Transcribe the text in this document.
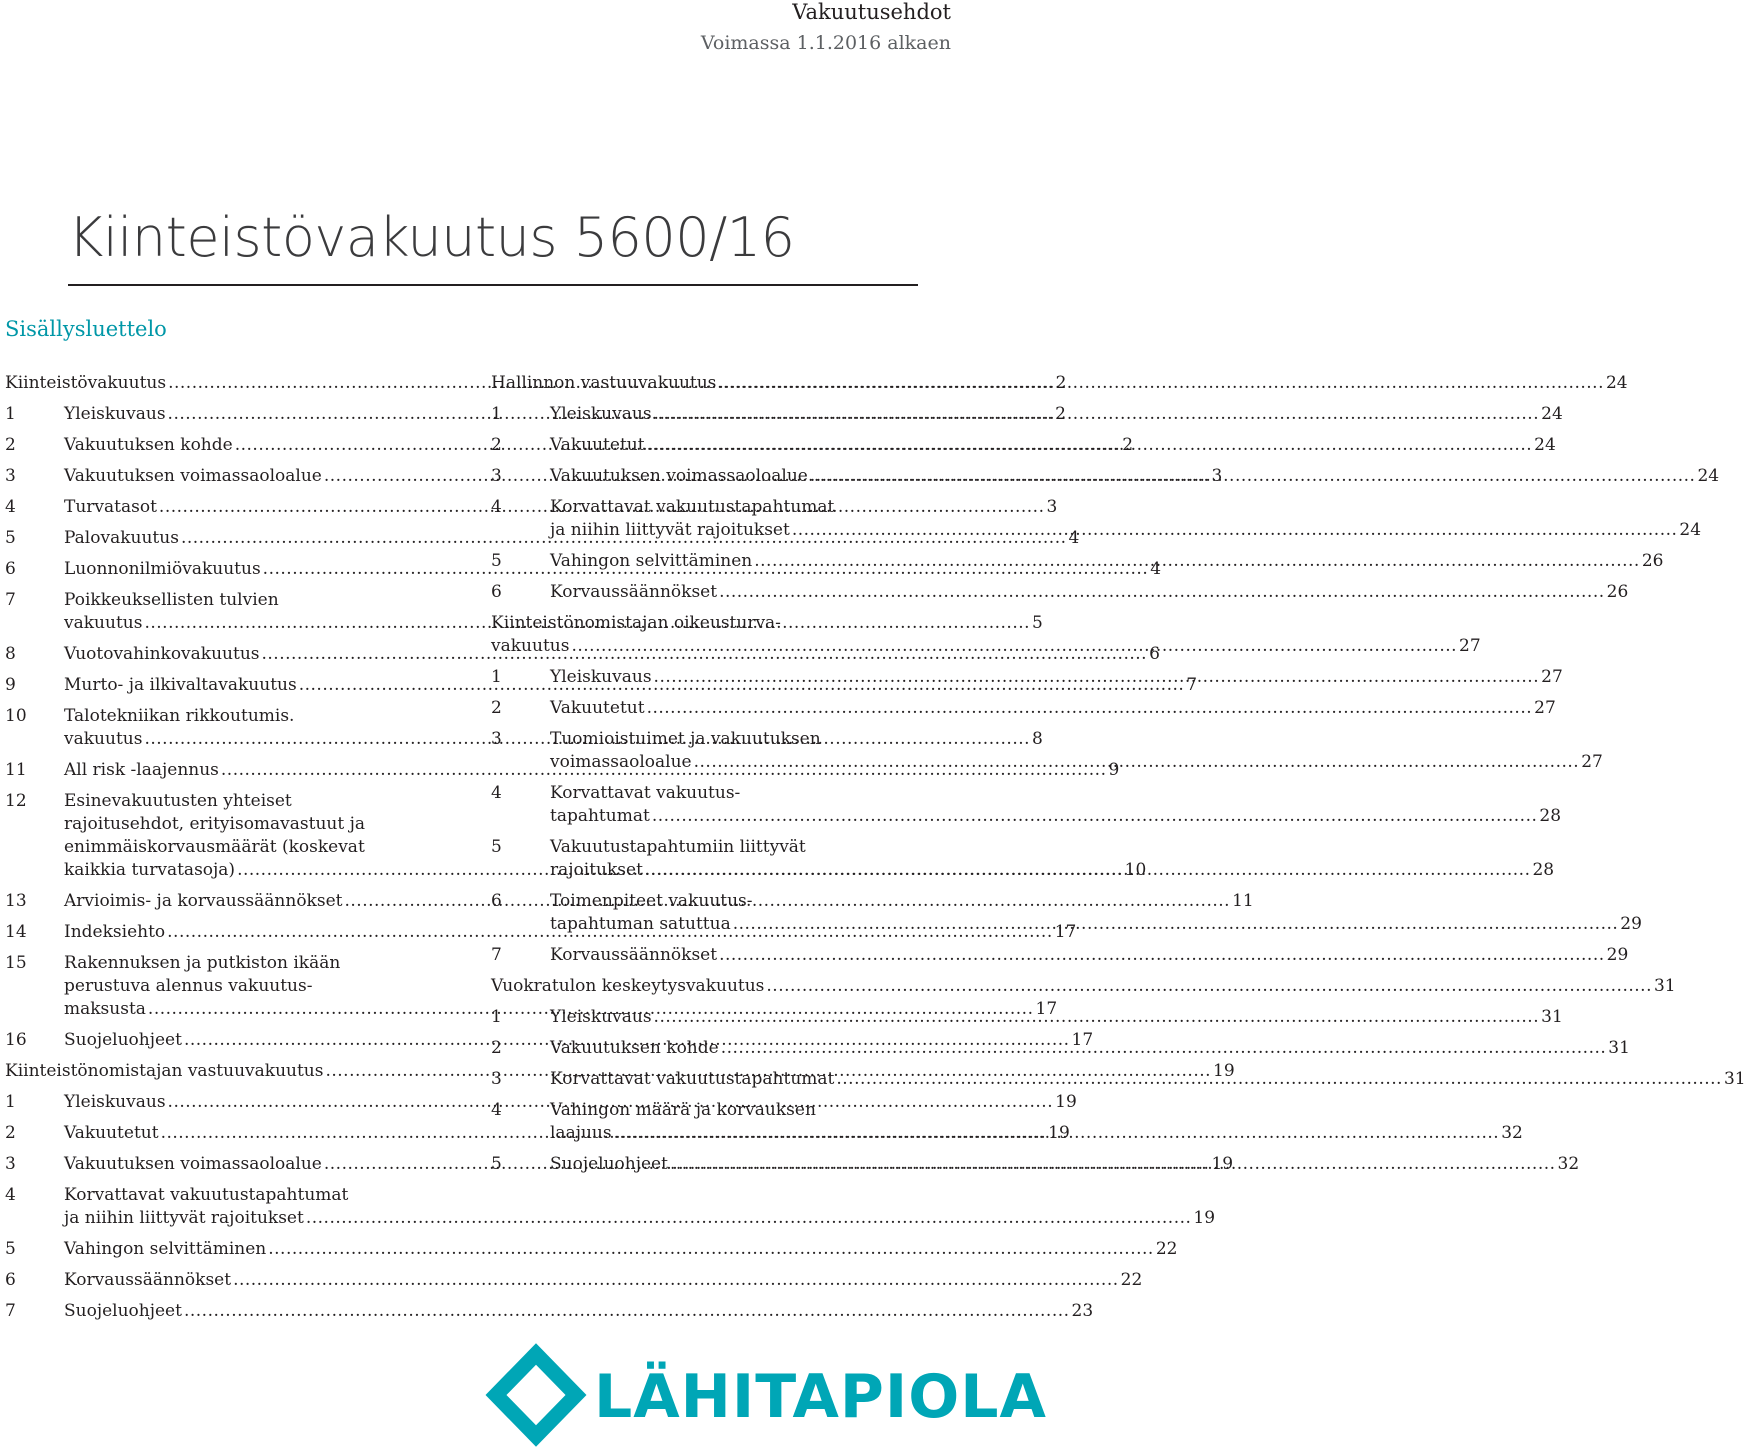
Vakuutusehdot
Voimassa 1.1.2016 alkaen
Kiinteistövakuutus 5600/16
Sisällysluettelo
Kiinteistövakuutus .....	2
1	Yleiskuvaus .....	2
2	Vakuutuksen kohde .....	2
3	Vakuutuksen voimassaoloalue .....	3
4	Turvatasot .....	3
5	Palovakuutus .....	4
6	Luonnonilmiövakuutus .....	4
7	Poikkeuksellisten tulvien
vakuutus .....	5
8	Vuotovahinkovakuutus .....	6
9	Murto- ja ilkivaltavakuutus .....	7
10	Talotekniikan rikkoutumis.
vakuutus .....	8
11	All risk -laajennus .....	9
12	Esinevakuutusten yhteiset
rajoitusehdot, erityisomavastuut ja
enimmäiskorvausmäärät (koskevat
kaikkia turvatasoja) .....	10
13	Arvioimis- ja korvaussäännökset .....	11
14	Indeksiehto .....	17
15	Rakennuksen ja putkiston ikään
perustuva alennus vakuutus-
maksusta .....	17
16	Suojeluohjeet .....	17
Kiinteistönomistajan vastuuvakuutus .....	19
1	Yleiskuvaus .....	19
2	Vakuutetut .....	19
3	Vakuutuksen voimassaoloalue .....	19
4	Korvattavat vakuutustapahtumat
ja niihin liittyvät rajoitukset .....	19
5	Vahingon selvittäminen .....	22
6	Korvaussäännökset .....	22
7	Suojeluohjeet .....	23
Hallinnon vastuuvakuutus .....	24
1	Yleiskuvaus .....	24
2	Vakuutetut .....	24
3	Vakuutuksen voimassaoloalue .....	24
4	Korvattavat vakuutustapahtumat
ja niihin liittyvät rajoitukset .....	24
5	Vahingon selvittäminen .....	26
6	Korvaussäännökset .....	26
Kiinteistönomistajan oikeusturva-
vakuutus .....	27
1	Yleiskuvaus .....	27
2	Vakuutetut .....	27
3	Tuomioistuimet ja vakuutuksen
voimassaoloalue .....	27
4	Korvattavat vakuutus-
tapahtumat .....	28
5	Vakuutustapahtumiin liittyvät
rajoitukset .....	28
6	Toimenpiteet vakuutus-
tapahtuman satuttua .....	29
7	Korvaussäännökset .....	29
Vuokratulon keskeytysvakuutus .....	31
1	Yleiskuvaus .....	31
2	Vakuutuksen kohde .....	31
3	Korvattavat vakuutustapahtumat .....	31
4	Vahingon määrä ja korvauksen
laajuus .....	32
5	Suojeluohjeet .....	32
LÄHITAPIOLA
